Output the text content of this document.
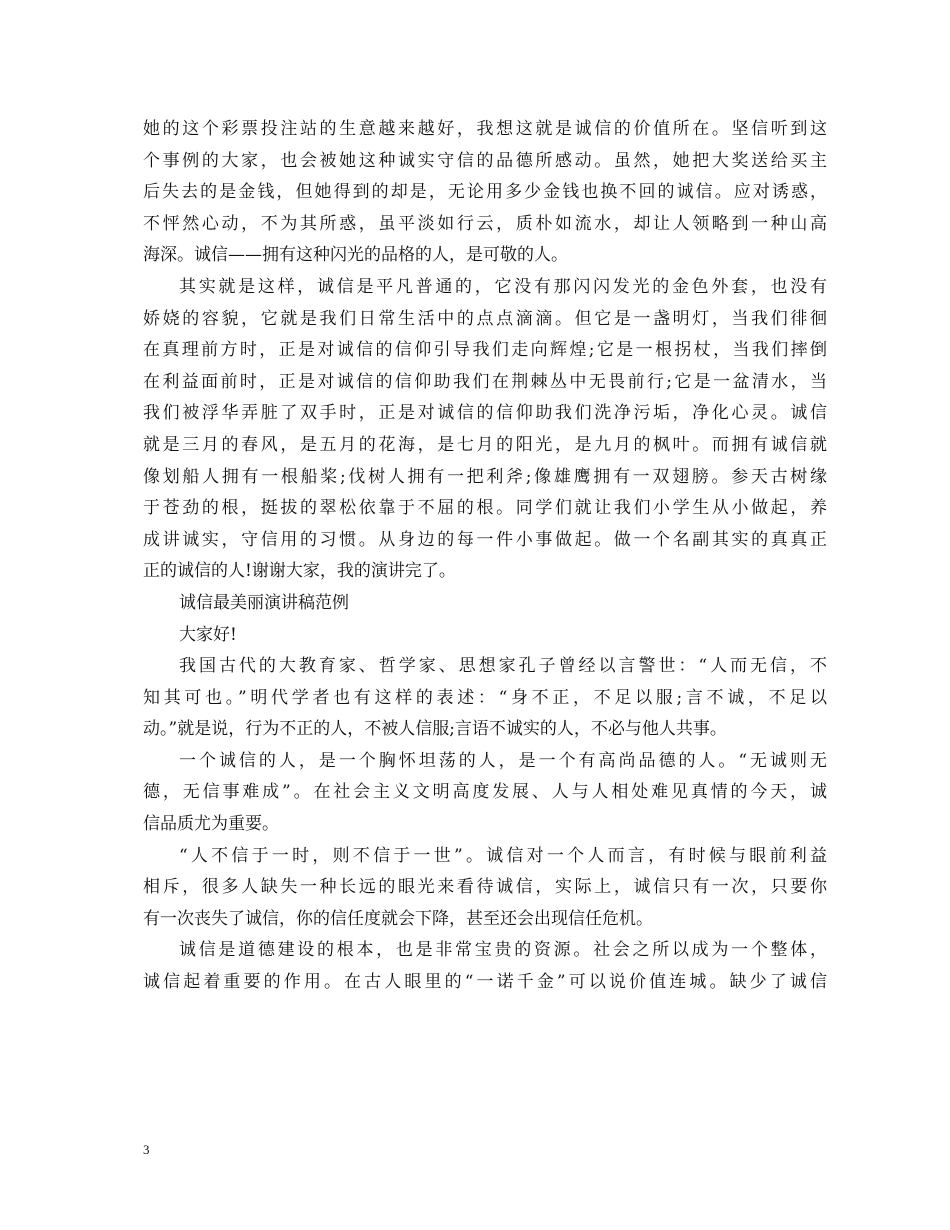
她的这个彩票投注站的生意越来越好，我想这就是诚信的价值所在。坚信听到这
个事例的大家，也会被她这种诚实守信的品德所感动。虽然，她把大奖送给买主
后失去的是金钱，但她得到的却是，无论用多少金钱也换不回的诚信。应对诱惑，
不怦然心动，不为其所惑，虽平淡如行云，质朴如流水，却让人领略到一种山高
海深。诚信——拥有这种闪光的品格的人，是可敬的人。
其实就是这样，诚信是平凡普通的，它没有那闪闪发光的金色外套，也没有
娇娆的容貌，它就是我们日常生活中的点点滴滴。但它是一盏明灯，当我们徘徊
在真理前方时，正是对诚信的信仰引导我们走向辉煌;它是一根拐杖，当我们摔倒
在利益面前时，正是对诚信的信仰助我们在荆棘丛中无畏前行;它是一盆清水，当
我们被浮华弄脏了双手时，正是对诚信的信仰助我们洗净污垢，净化心灵。诚信
就是三月的春风，是五月的花海，是七月的阳光，是九月的枫叶。而拥有诚信就
像划船人拥有一根船桨;伐树人拥有一把利斧;像雄鹰拥有一双翅膀。参天古树缘
于苍劲的根，挺拔的翠松依靠于不屈的根。同学们就让我们小学生从小做起，养
成讲诚实，守信用的习惯。从身边的每一件小事做起。做一个名副其实的真真正
正的诚信的人!谢谢大家，我的演讲完了。
诚信最美丽演讲稿范例
大家好!
我国古代的大教育家、哲学家、思想家孔子曾经以言警世：“人而无信，不
知其可也。”明代学者也有这样的表述：“身不正，不足以服;言不诚，不足以
动。”就是说，行为不正的人，不被人信服;言语不诚实的人，不必与他人共事。
一个诚信的人，是一个胸怀坦荡的人，是一个有高尚品德的人。“无诚则无
德，无信事难成”。在社会主义文明高度发展、人与人相处难见真情的今天，诚
信品质尤为重要。
“人不信于一时，则不信于一世”。诚信对一个人而言，有时候与眼前利益
相斥，很多人缺失一种长远的眼光来看待诚信，实际上，诚信只有一次，只要你
有一次丧失了诚信，你的信任度就会下降，甚至还会出现信任危机。
诚信是道德建设的根本，也是非常宝贵的资源。社会之所以成为一个整体，
诚信起着重要的作用。在古人眼里的“一诺千金”可以说价值连城。缺少了诚信
3
